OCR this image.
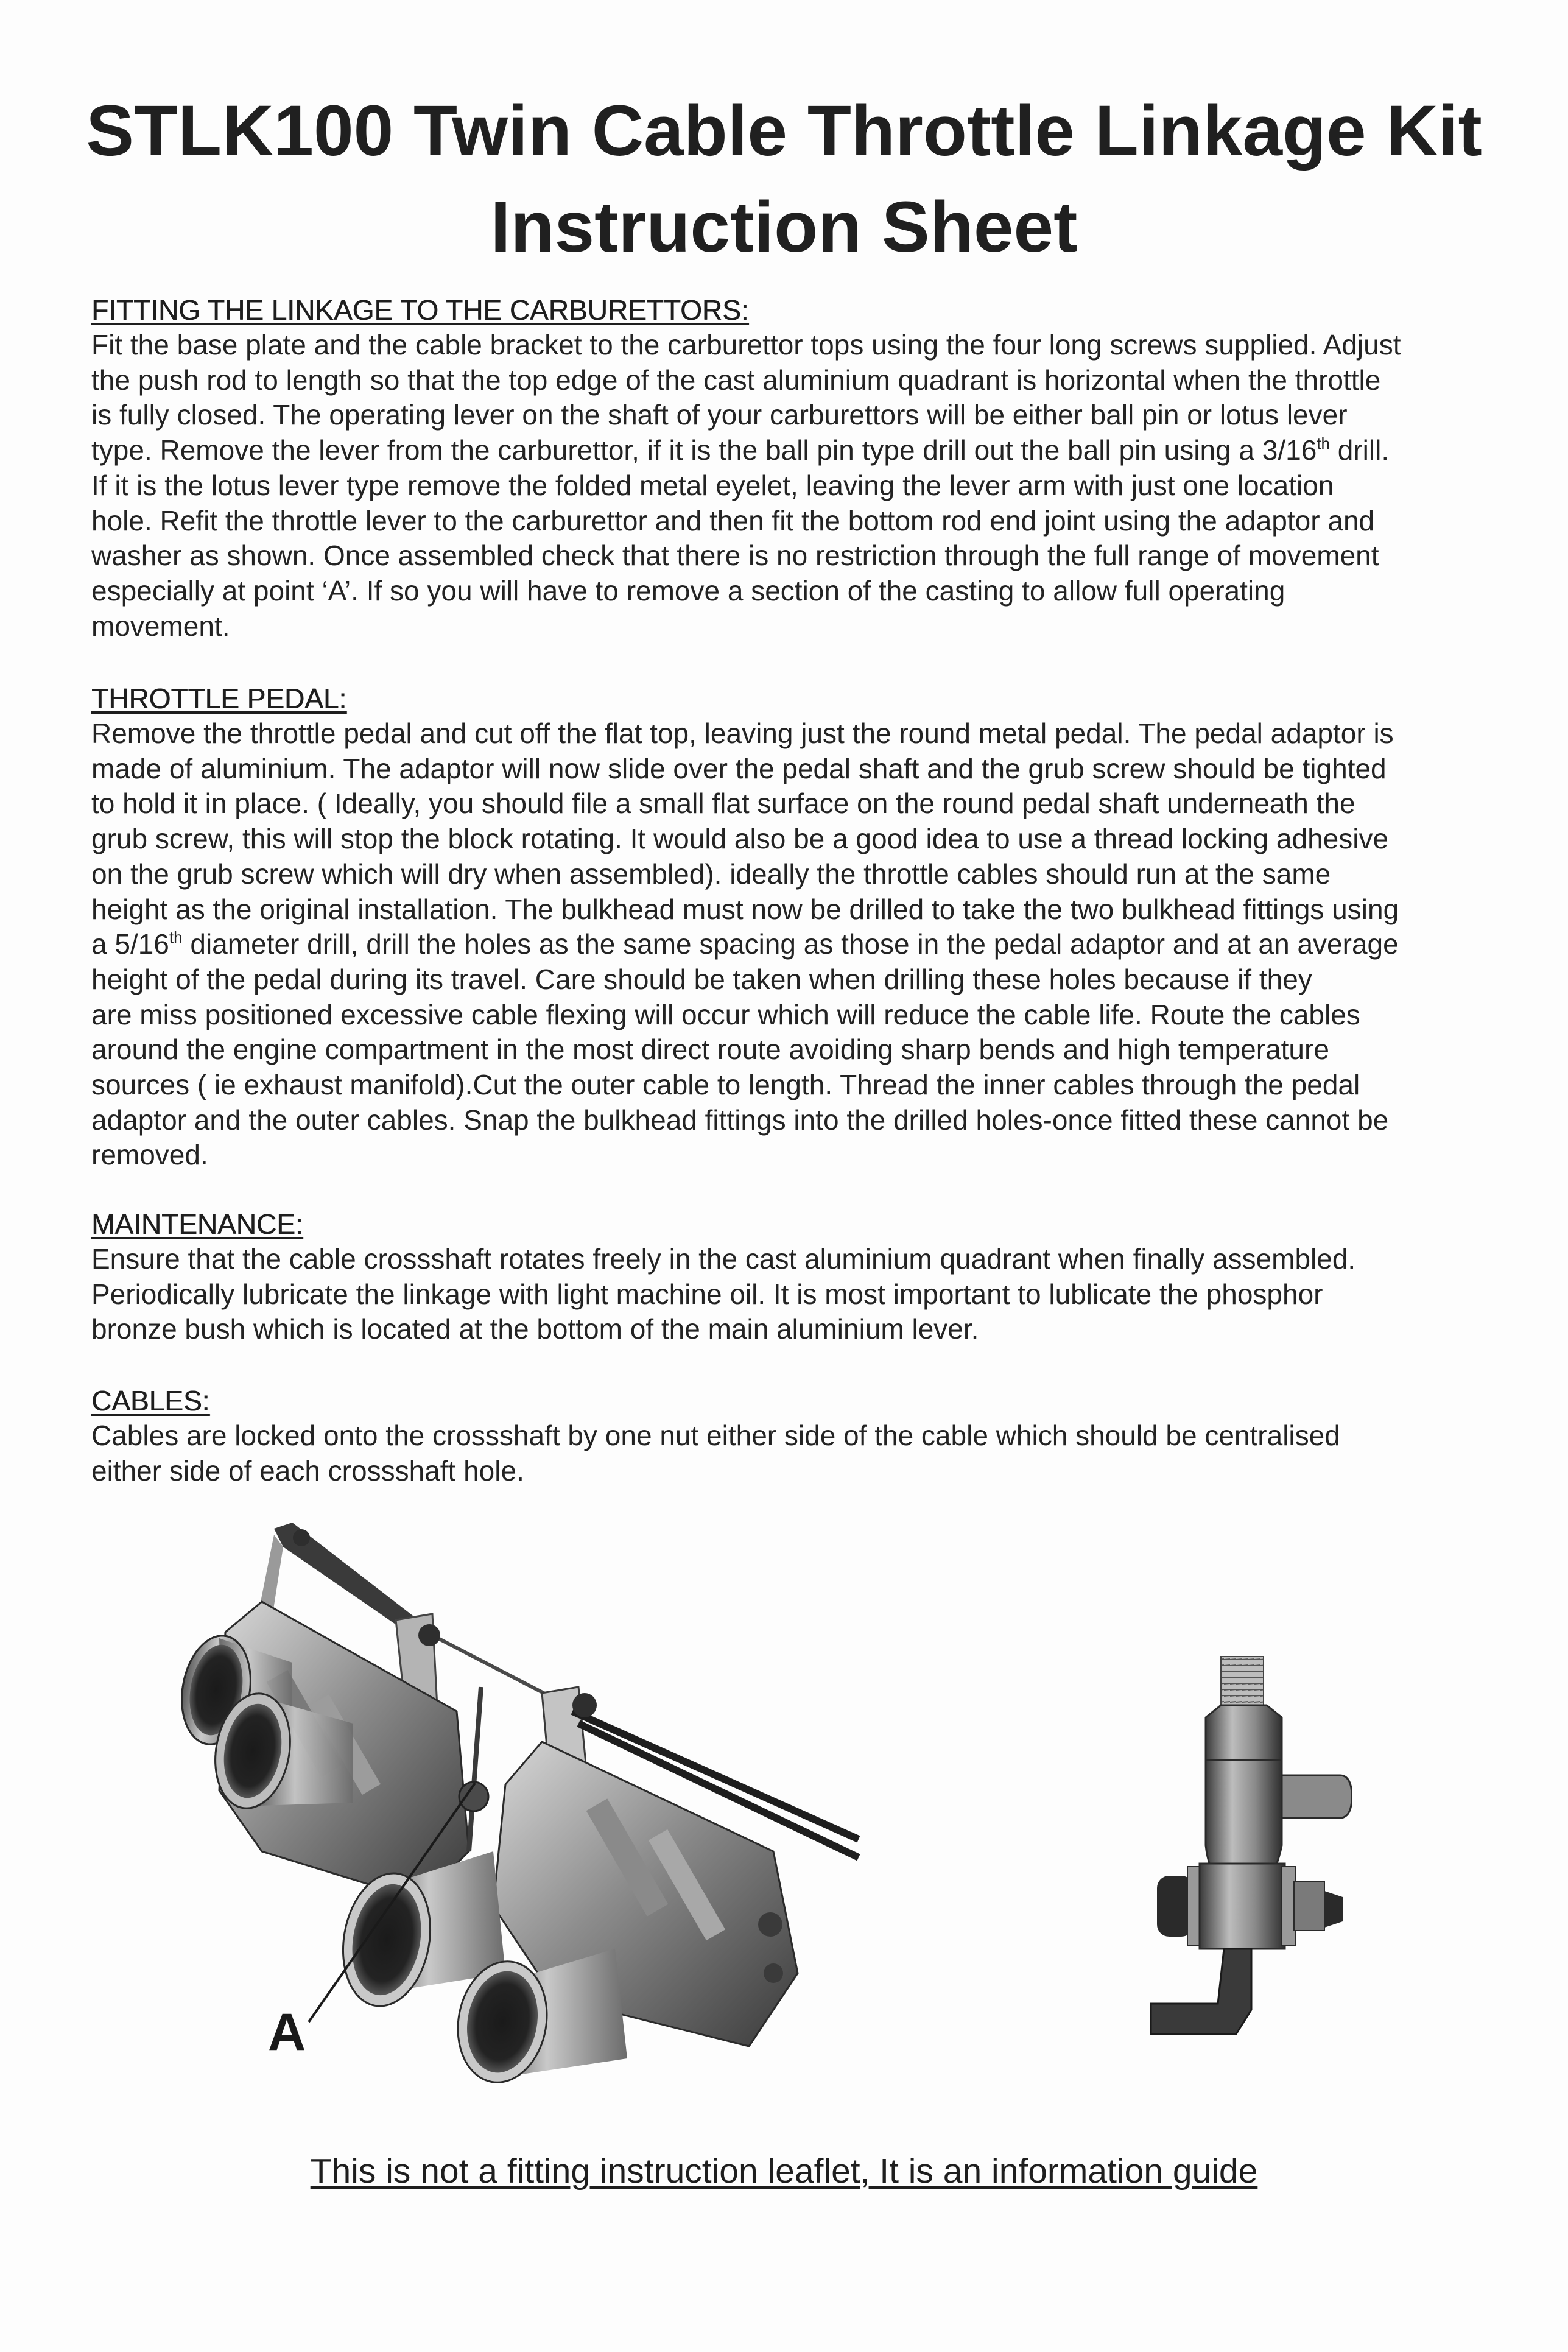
STLK100 Twin Cable Throttle Linkage Kit
Instruction Sheet
FITTING THE LINKAGE TO THE CARBURETTORS:
Fit the base plate and the cable bracket to the carburettor tops using the four long screws supplied. Adjust
the push rod to length so that the top edge of the cast aluminium quadrant is horizontal when the throttle
is fully closed. The operating lever on the shaft of your carburettors will be either ball pin or lotus lever
type. Remove the lever from the carburettor, if it is the ball pin type drill out the ball pin using a 3/16th drill.
If it is the lotus lever type remove the folded metal eyelet, leaving the lever arm with just one location
hole. Refit the throttle lever to the carburettor and then fit the bottom rod end joint using the adaptor and
washer as shown. Once assembled check that there is no restriction through the full range of movement
especially at point ‘A’. If so you will have to remove a section of the casting to allow full operating
movement.
THROTTLE PEDAL:
Remove the throttle pedal and cut off the flat top, leaving just the round metal pedal. The pedal adaptor is
made of aluminium. The adaptor will now slide over the pedal shaft and the grub screw should be tighted
to hold it in place. ( Ideally, you should file a small flat surface on the round pedal shaft underneath the
grub screw, this will stop the block rotating. It would also be a good idea to use a thread locking adhesive
on the grub screw which will dry when assembled). ideally the throttle cables should run at the same
height as the original installation. The bulkhead must now be drilled to take the two bulkhead fittings using
a 5/16th diameter drill, drill the holes as the same spacing as those in the pedal adaptor and at an average
height of the pedal during its travel. Care should be taken when drilling these holes because if they
are miss positioned excessive cable flexing will occur which will reduce the cable life. Route the cables
around the engine compartment in the most direct route avoiding sharp bends and high temperature
sources ( ie exhaust manifold).Cut the outer cable to length. Thread the inner cables through the pedal
adaptor and the outer cables. Snap the bulkhead fittings into the drilled holes-once fitted these cannot be
removed.
MAINTENANCE:
Ensure that the cable crossshaft rotates freely in the cast aluminium quadrant when finally assembled.
Periodically lubricate the linkage with light machine oil. It is most important to lublicate the phosphor
bronze bush which is located at the bottom of the main aluminium lever.
CABLES:
Cables are locked onto the crossshaft by one nut either side of the cable which should be centralised
either side of each crossshaft hole.
A
This is not a fitting instruction leaflet, It is an information guide
